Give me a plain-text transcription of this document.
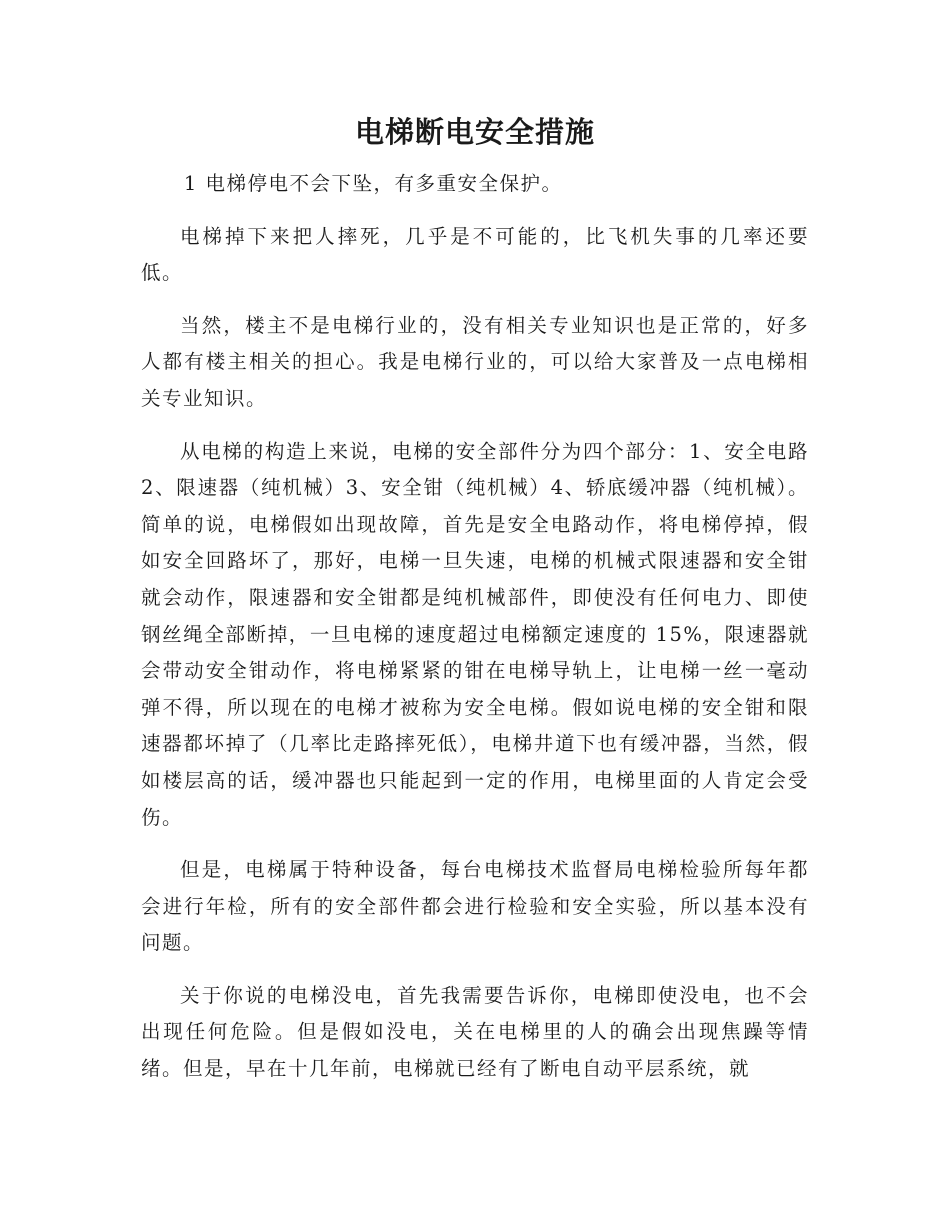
电梯断电安全措施

1 电梯停电不会下坠，有多重安全保护。

电梯掉下来把人摔死，几乎是不可能的，比飞机失事的几率还要低。

当然，楼主不是电梯行业的，没有相关专业知识也是正常的，好多人都有楼主相关的担心。我是电梯行业的，可以给大家普及一点电梯相关专业知识。

从电梯的构造上来说，电梯的安全部件分为四个部分：1、安全电路 2、限速器（纯机械）3、安全钳（纯机械）4、轿底缓冲器（纯机械）。简单的说，电梯假如出现故障，首先是安全电路动作，将电梯停掉，假如安全回路坏了，那好，电梯一旦失速，电梯的机械式限速器和安全钳就会动作，限速器和安全钳都是纯机械部件，即使没有任何电力、即使钢丝绳全部断掉，一旦电梯的速度超过电梯额定速度的 15%，限速器就会带动安全钳动作，将电梯紧紧的钳在电梯导轨上，让电梯一丝一毫动弹不得，所以现在的电梯才被称为安全电梯。假如说电梯的安全钳和限速器都坏掉了（几率比走路摔死低），电梯井道下也有缓冲器，当然，假如楼层高的话，缓冲器也只能起到一定的作用，电梯里面的人肯定会受伤。

但是，电梯属于特种设备，每台电梯技术监督局电梯检验所每年都会进行年检，所有的安全部件都会进行检验和安全实验，所以基本没有问题。

关于你说的电梯没电，首先我需要告诉你，电梯即使没电，也不会出现任何危险。但是假如没电，关在电梯里的人的确会出现焦躁等情绪。但是，早在十几年前，电梯就已经有了断电自动平层系统，就
